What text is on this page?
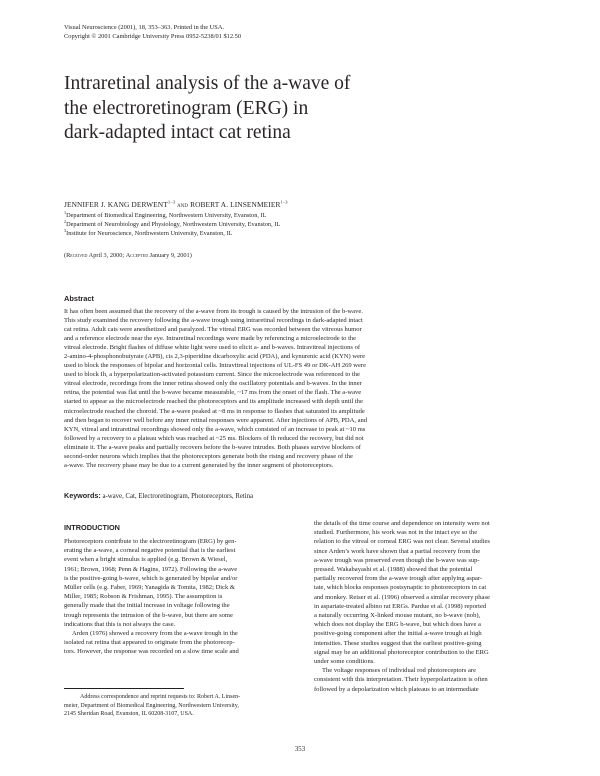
Visual Neuroscience (2001), 18, 353–363. Printed in the USA.
Copyright © 2001 Cambridge University Press 0952-5238/01 $12.50
Intraretinal analysis of the a-wave of
the electroretinogram (ERG) in
dark-adapted intact cat retina
JENNIFER J. KANG DERWENT$^{1-3}$ and ROBERT A. LINSENMEIER$^{1-3}$
$^1$Department of Biomedical Engineering, Northwestern University, Evanston, IL
$^2$Department of Neurobiology and Physiology, Northwestern University, Evanston, IL
$^3$Institute for Neuroscience, Northwestern University, Evanston, IL
(Received April 3, 2000; Accepted January 9, 2001)
Abstract

It has often been assumed that the recovery of the a-wave from its trough is caused by the intrusion of the b-wave.

This study examined the recovery following the a-wave trough using intraretinal recordings in dark-adapted intact

cat retina. Adult cats were anesthetized and paralyzed. The vitreal ERG was recorded between the vitreous humor

and a reference electrode near the eye. Intraretinal recordings were made by referencing a microelectrode to the

vitreal electrode. Bright flashes of diffuse white light were used to elicit a- and b-waves. Intravitreal injections of

2-amino-4-phosphonobutyrate (APB), cis 2,3-piperidine dicarboxylic acid (PDA), and kynurenic acid (KYN) were

used to block the responses of bipolar and horizontal cells. Intravitreal injections of UL-FS 49 or DK-AH 269 were

used to block Ih, a hyperpolarization-activated potassium current. Since the microelectrode was referenced to the

vitreal electrode, recordings from the inner retina showed only the oscillatory potentials and b-waves. In the inner

retina, the potential was flat until the b-wave became measurable, ~17 ms from the onset of the flash. The a-wave

started to appear as the microelectrode reached the photoreceptors and its amplitude increased with depth until the

microelectrode reached the choroid. The a-wave peaked at ~8 ms in response to flashes that saturated its amplitude

and then began to recover well before any inner retinal responses were apparent. After injections of APB, PDA, and

KYN, vitreal and intraretinal recordings showed only the a-wave, which consisted of an increase to peak at ~10 ms

followed by a recovery to a plateau which was reached at ~25 ms. Blockers of Ih reduced the recovery, but did not

eliminate it. The a-wave peaks and partially recovers before the b-wave intrudes. Both phases survive blockers of

second-order neurons which implies that the photoreceptors generate both the rising and recovery phase of the

a-wave. The recovery phase may be due to a current generated by the inner segment of photoreceptors.

Keywords: a-wave, Cat, Electroretinogram, Photoreceptors, Retina
INTRODUCTION

Photoreceptors contribute to the electroretinogram (ERG) by gen-

erating the a-wave, a corneal negative potential that is the earliest

event when a bright stimulus is applied (e.g. Brown & Wiesel,

1961; Brown, 1968; Penn & Hagins, 1972). Following the a-wave

is the positive-going b-wave, which is generated by bipolar and/or

Müller cells (e.g. Faber, 1969; Yanagida & Tomita, 1982; Dick &

Miller, 1985; Robson & Frishman, 1995). The assumption is

generally made that the initial increase in voltage following the

trough represents the intrusion of the b-wave, but there are some

indications that this is not always the case.

Arden (1976) showed a recovery from the a-wave trough in the

isolated rat retina that appeared to originate from the photorecep-

tors. However, the response was recorded on a slow time scale and

the details of the time course and dependence on intensity were not

studied. Furthermore, his work was not in the intact eye so the

relation to the vitreal or corneal ERG was not clear. Several studies

since Arden’s work have shown that a partial recovery from the

a-wave trough was preserved even though the b-wave was sup-

pressed. Wakabayashi et al. (1988) showed that the potential

partially recovered from the a-wave trough after applying aspar-

tate, which blocks responses postsynaptic to photoreceptors in cat

and monkey. Reiser et al. (1996) observed a similar recovery phase

in aspartate-treated albino rat ERGs. Pardue et al. (1998) reported

a naturally occurring X-linked mouse mutant, no b-wave (nob),

which does not display the ERG b-wave, but which does have a

positive-going component after the initial a-wave trough at high

intensities. These studies suggest that the earliest positive-going

signal may be an additional photoreceptor contribution to the ERG

under some conditions.

The voltage responses of individual rod photoreceptors are

consistent with this interpretation. Their hyperpolarization is often

followed by a depolarization which plateaus to an intermediate

Address correspondence and reprint requests to: Robert A. Linsen-

meier, Department of Biomedical Engineering, Northwestern University,

2145 Sheridan Road, Evanston, IL 60208-3107, USA.

353
